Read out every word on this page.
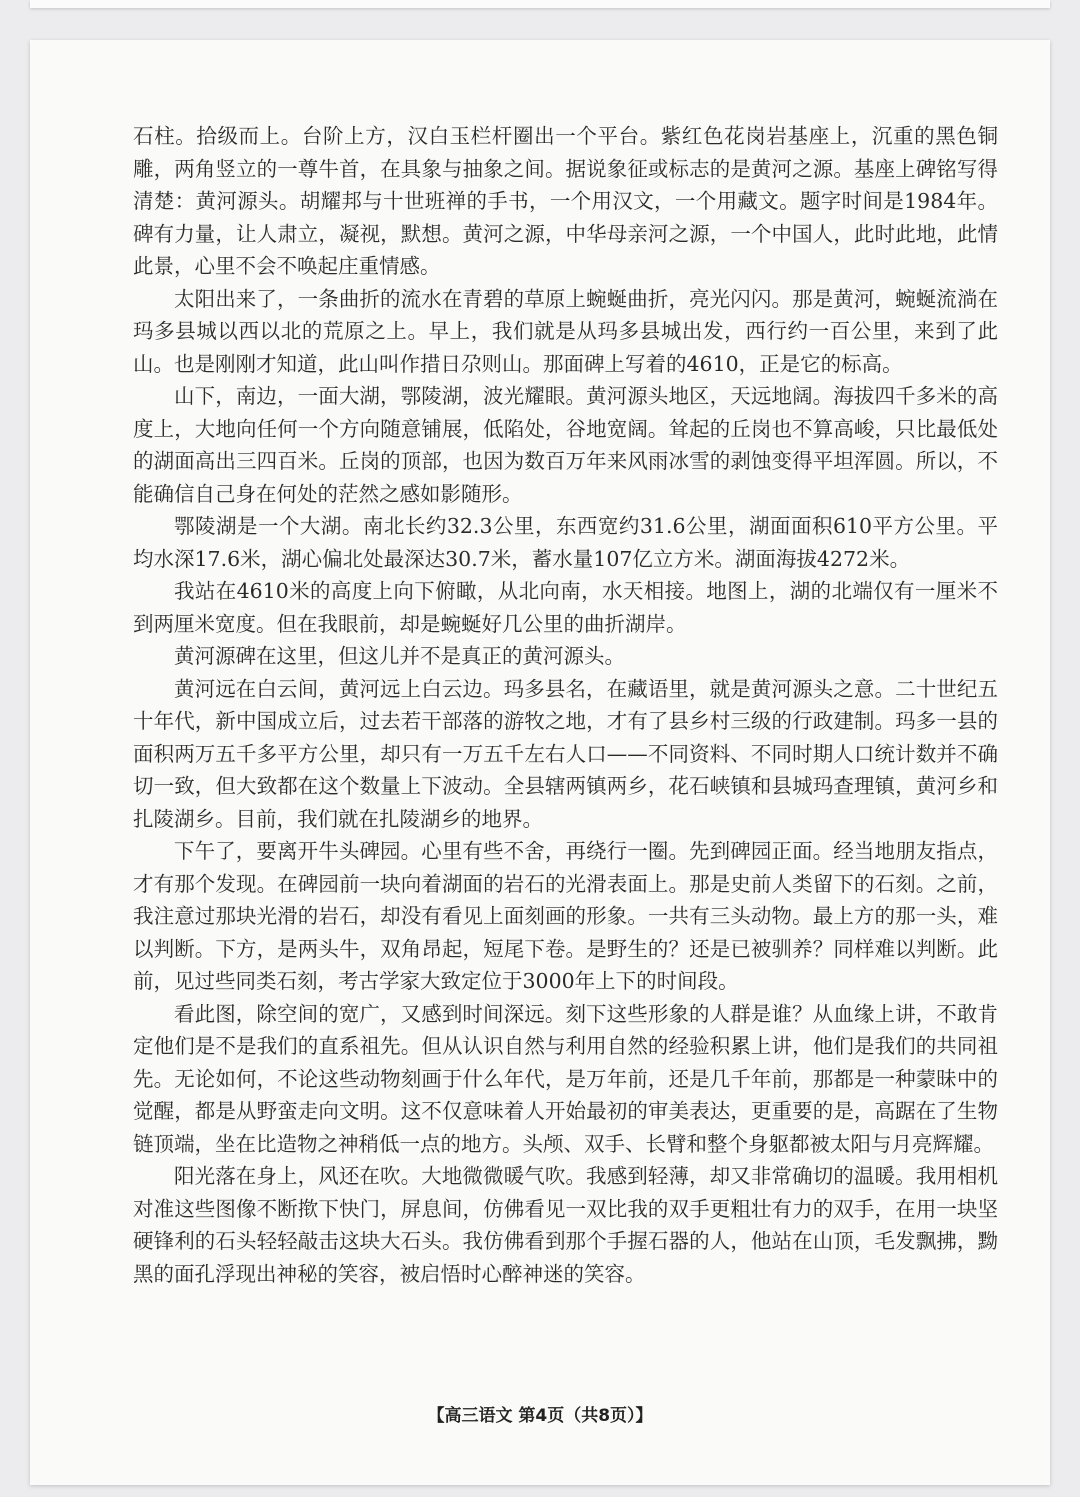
石柱。拾级而上。台阶上方，汉白玉栏杆圈出一个平台。紫红色花岗岩基座上，沉重的黑色铜雕，两角竖立的一尊牛首，在具象与抽象之间。据说象征或标志的是黄河之源。基座上碑铭写得清楚：黄河源头。胡耀邦与十世班禅的手书，一个用汉文，一个用藏文。题字时间是1984年。碑有力量，让人肃立，凝视，默想。黄河之源，中华母亲河之源，一个中国人，此时此地，此情此景，心里不会不唤起庄重情感。

太阳出来了，一条曲折的流水在青碧的草原上蜿蜒曲折，亮光闪闪。那是黄河，蜿蜒流淌在玛多县城以西以北的荒原之上。早上，我们就是从玛多县城出发，西行约一百公里，来到了此山。也是刚刚才知道，此山叫作措日尕则山。那面碑上写着的4610，正是它的标高。

山下，南边，一面大湖，鄂陵湖，波光耀眼。黄河源头地区，天远地阔。海拔四千多米的高度上，大地向任何一个方向随意铺展，低陷处，谷地宽阔。耸起的丘岗也不算高峻，只比最低处的湖面高出三四百米。丘岗的顶部，也因为数百万年来风雨冰雪的剥蚀变得平坦浑圆。所以，不能确信自己身在何处的茫然之感如影随形。

鄂陵湖是一个大湖。南北长约32.3公里，东西宽约31.6公里，湖面面积610平方公里。平均水深17.6米，湖心偏北处最深达30.7米，蓄水量107亿立方米。湖面海拔4272米。

我站在4610米的高度上向下俯瞰，从北向南，水天相接。地图上，湖的北端仅有一厘米不到两厘米宽度。但在我眼前，却是蜿蜒好几公里的曲折湖岸。

黄河源碑在这里，但这儿并不是真正的黄河源头。

黄河远在白云间，黄河远上白云边。玛多县名，在藏语里，就是黄河源头之意。二十世纪五十年代，新中国成立后，过去若干部落的游牧之地，才有了县乡村三级的行政建制。玛多一县的面积两万五千多平方公里，却只有一万五千左右人口——不同资料、不同时期人口统计数并不确切一致，但大致都在这个数量上下波动。全县辖两镇两乡，花石峡镇和县城玛查理镇，黄河乡和扎陵湖乡。目前，我们就在扎陵湖乡的地界。

下午了，要离开牛头碑园。心里有些不舍，再绕行一圈。先到碑园正面。经当地朋友指点，才有那个发现。在碑园前一块向着湖面的岩石的光滑表面上。那是史前人类留下的石刻。之前，我注意过那块光滑的岩石，却没有看见上面刻画的形象。一共有三头动物。最上方的那一头，难以判断。下方，是两头牛，双角昂起，短尾下卷。是野生的？还是已被驯养？同样难以判断。此前，见过些同类石刻，考古学家大致定位于3000年上下的时间段。

看此图，除空间的宽广，又感到时间深远。刻下这些形象的人群是谁？从血缘上讲，不敢肯定他们是不是我们的直系祖先。但从认识自然与利用自然的经验积累上讲，他们是我们的共同祖先。无论如何，不论这些动物刻画于什么年代，是万年前，还是几千年前，那都是一种蒙昧中的觉醒，都是从野蛮走向文明。这不仅意味着人开始最初的审美表达，更重要的是，高踞在了生物链顶端，坐在比造物之神稍低一点的地方。头颅、双手、长臂和整个身躯都被太阳与月亮辉耀。

阳光落在身上，风还在吹。大地微微暖气吹。我感到轻薄，却又非常确切的温暖。我用相机对准这些图像不断揿下快门，屏息间，仿佛看见一双比我的双手更粗壮有力的双手，在用一块坚硬锋利的石头轻轻敲击这块大石头。我仿佛看到那个手握石器的人，他站在山顶，毛发飘拂，黝黑的面孔浮现出神秘的笑容，被启悟时心醉神迷的笑容。

【高三语文 第4页（共8页）】
